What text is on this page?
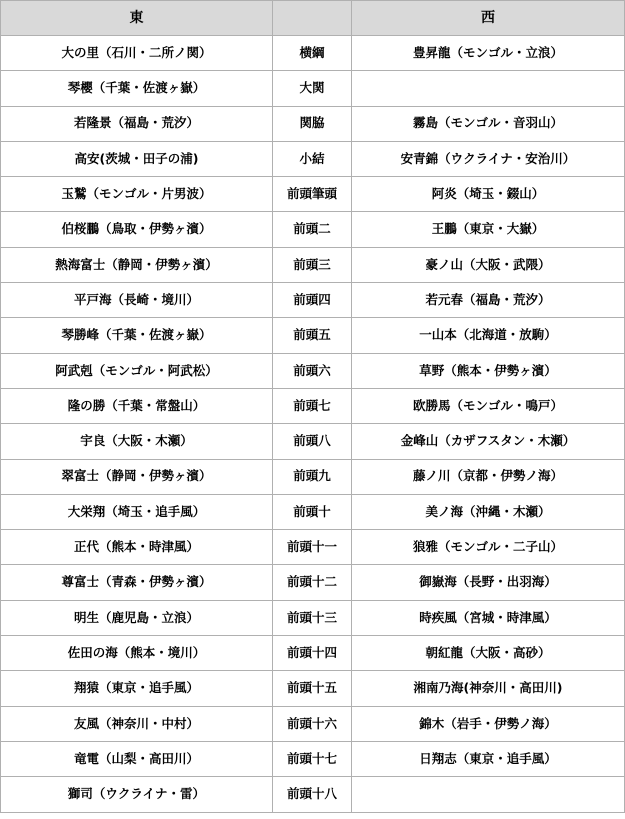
東		西
大の里（石川・二所ノ関）	横綱	豊昇龍（モンゴル・立浪）
琴櫻（千葉・佐渡ヶ嶽）	大関	
若隆景（福島・荒汐）	関脇	霧島（モンゴル・音羽山）
高安(茨城・田子の浦)	小結	安青錦（ウクライナ・安治川）
玉鷲（モンゴル・片男波）	前頭筆頭	阿炎（埼玉・錣山）
伯桜鵬（鳥取・伊勢ヶ濱）	前頭二	王鵬（東京・大嶽）
熱海富士（静岡・伊勢ヶ濱）	前頭三	豪ノ山（大阪・武隈）
平戸海（長崎・境川）	前頭四	若元春（福島・荒汐）
琴勝峰（千葉・佐渡ヶ嶽）	前頭五	一山本（北海道・放駒）
阿武剋（モンゴル・阿武松）	前頭六	草野（熊本・伊勢ヶ濱）
隆の勝（千葉・常盤山）	前頭七	欧勝馬（モンゴル・鳴戸）
宇良（大阪・木瀬）	前頭八	金峰山（カザフスタン・木瀬）
翠富士（静岡・伊勢ヶ濱）	前頭九	藤ノ川（京都・伊勢ノ海）
大栄翔（埼玉・追手風）	前頭十	美ノ海（沖縄・木瀬）
正代（熊本・時津風）	前頭十一	狼雅（モンゴル・二子山）
尊富士（青森・伊勢ヶ濱）	前頭十二	御嶽海（長野・出羽海）
明生（鹿児島・立浪）	前頭十三	時疾風（宮城・時津風）
佐田の海（熊本・境川）	前頭十四	朝紅龍（大阪・高砂）
翔猿（東京・追手風）	前頭十五	湘南乃海(神奈川・高田川)
友風（神奈川・中村）	前頭十六	錦木（岩手・伊勢ノ海）
竜電（山梨・高田川）	前頭十七	日翔志（東京・追手風）
獅司（ウクライナ・雷）	前頭十八	
